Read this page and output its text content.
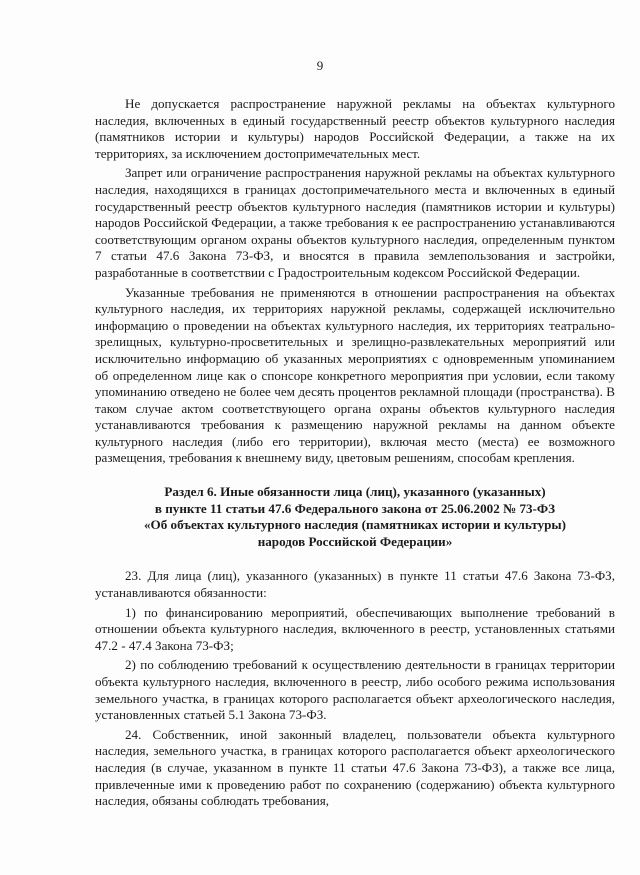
9

Не допускается распространение наружной рекламы на объектах культурного наследия, включенных в единый государственный реестр объектов культурного наследия (памятников истории и культуры) народов Российской Федерации, а также на их территориях, за исключением достопримечательных мест.

Запрет или ограничение распространения наружной рекламы на объектах культурного наследия, находящихся в границах достопримечательного места и включенных в единый государственный реестр объектов культурного наследия (памятников истории и культуры) народов Российской Федерации, а также требования к ее распространению устанавливаются соответствующим органом охраны объектов культурного наследия, определенным пунктом 7 статьи 47.6 Закона 73-ФЗ, и вносятся в правила землепользования и застройки, разработанные в соответствии с Градостроительным кодексом Российской Федерации.

Указанные требования не применяются в отношении распространения на объектах культурного наследия, их территориях наружной рекламы, содержащей исключительно информацию о проведении на объектах культурного наследия, их территориях театрально-зрелищных, культурно-просветительных и зрелищно-развлекательных мероприятий или исключительно информацию об указанных мероприятиях с одновременным упоминанием об определенном лице как о спонсоре конкретного мероприятия при условии, если такому упоминанию отведено не более чем десять процентов рекламной площади (пространства). В таком случае актом соответствующего органа охраны объектов культурного наследия устанавливаются требования к размещению наружной рекламы на данном объекте культурного наследия (либо его территории), включая место (места) ее возможного размещения, требования к внешнему виду, цветовым решениям, способам крепления.

Раздел 6. Иные обязанности лица (лиц), указанного (указанных)
в пункте 11 статьи 47.6 Федерального закона от 25.06.2002 № 73-ФЗ
«Об объектах культурного наследия (памятниках истории и культуры)
народов Российской Федерации»

23. Для лица (лиц), указанного (указанных) в пункте 11 статьи 47.6 Закона 73-ФЗ, устанавливаются обязанности:

1) по финансированию мероприятий, обеспечивающих выполнение требований в отношении объекта культурного наследия, включенного в реестр, установленных статьями 47.2 - 47.4 Закона 73-ФЗ;

2) по соблюдению требований к осуществлению деятельности в границах территории объекта культурного наследия, включенного в реестр, либо особого режима использования земельного участка, в границах которого располагается объект археологического наследия, установленных статьей 5.1 Закона 73-ФЗ.

24. Собственник, иной законный владелец, пользователи объекта культурного наследия, земельного участка, в границах которого располагается объект археологического наследия (в случае, указанном в пункте 11 статьи 47.6 Закона 73-ФЗ), а также все лица, привлеченные ими к проведению работ по сохранению (содержанию) объекта культурного наследия, обязаны соблюдать требования,
